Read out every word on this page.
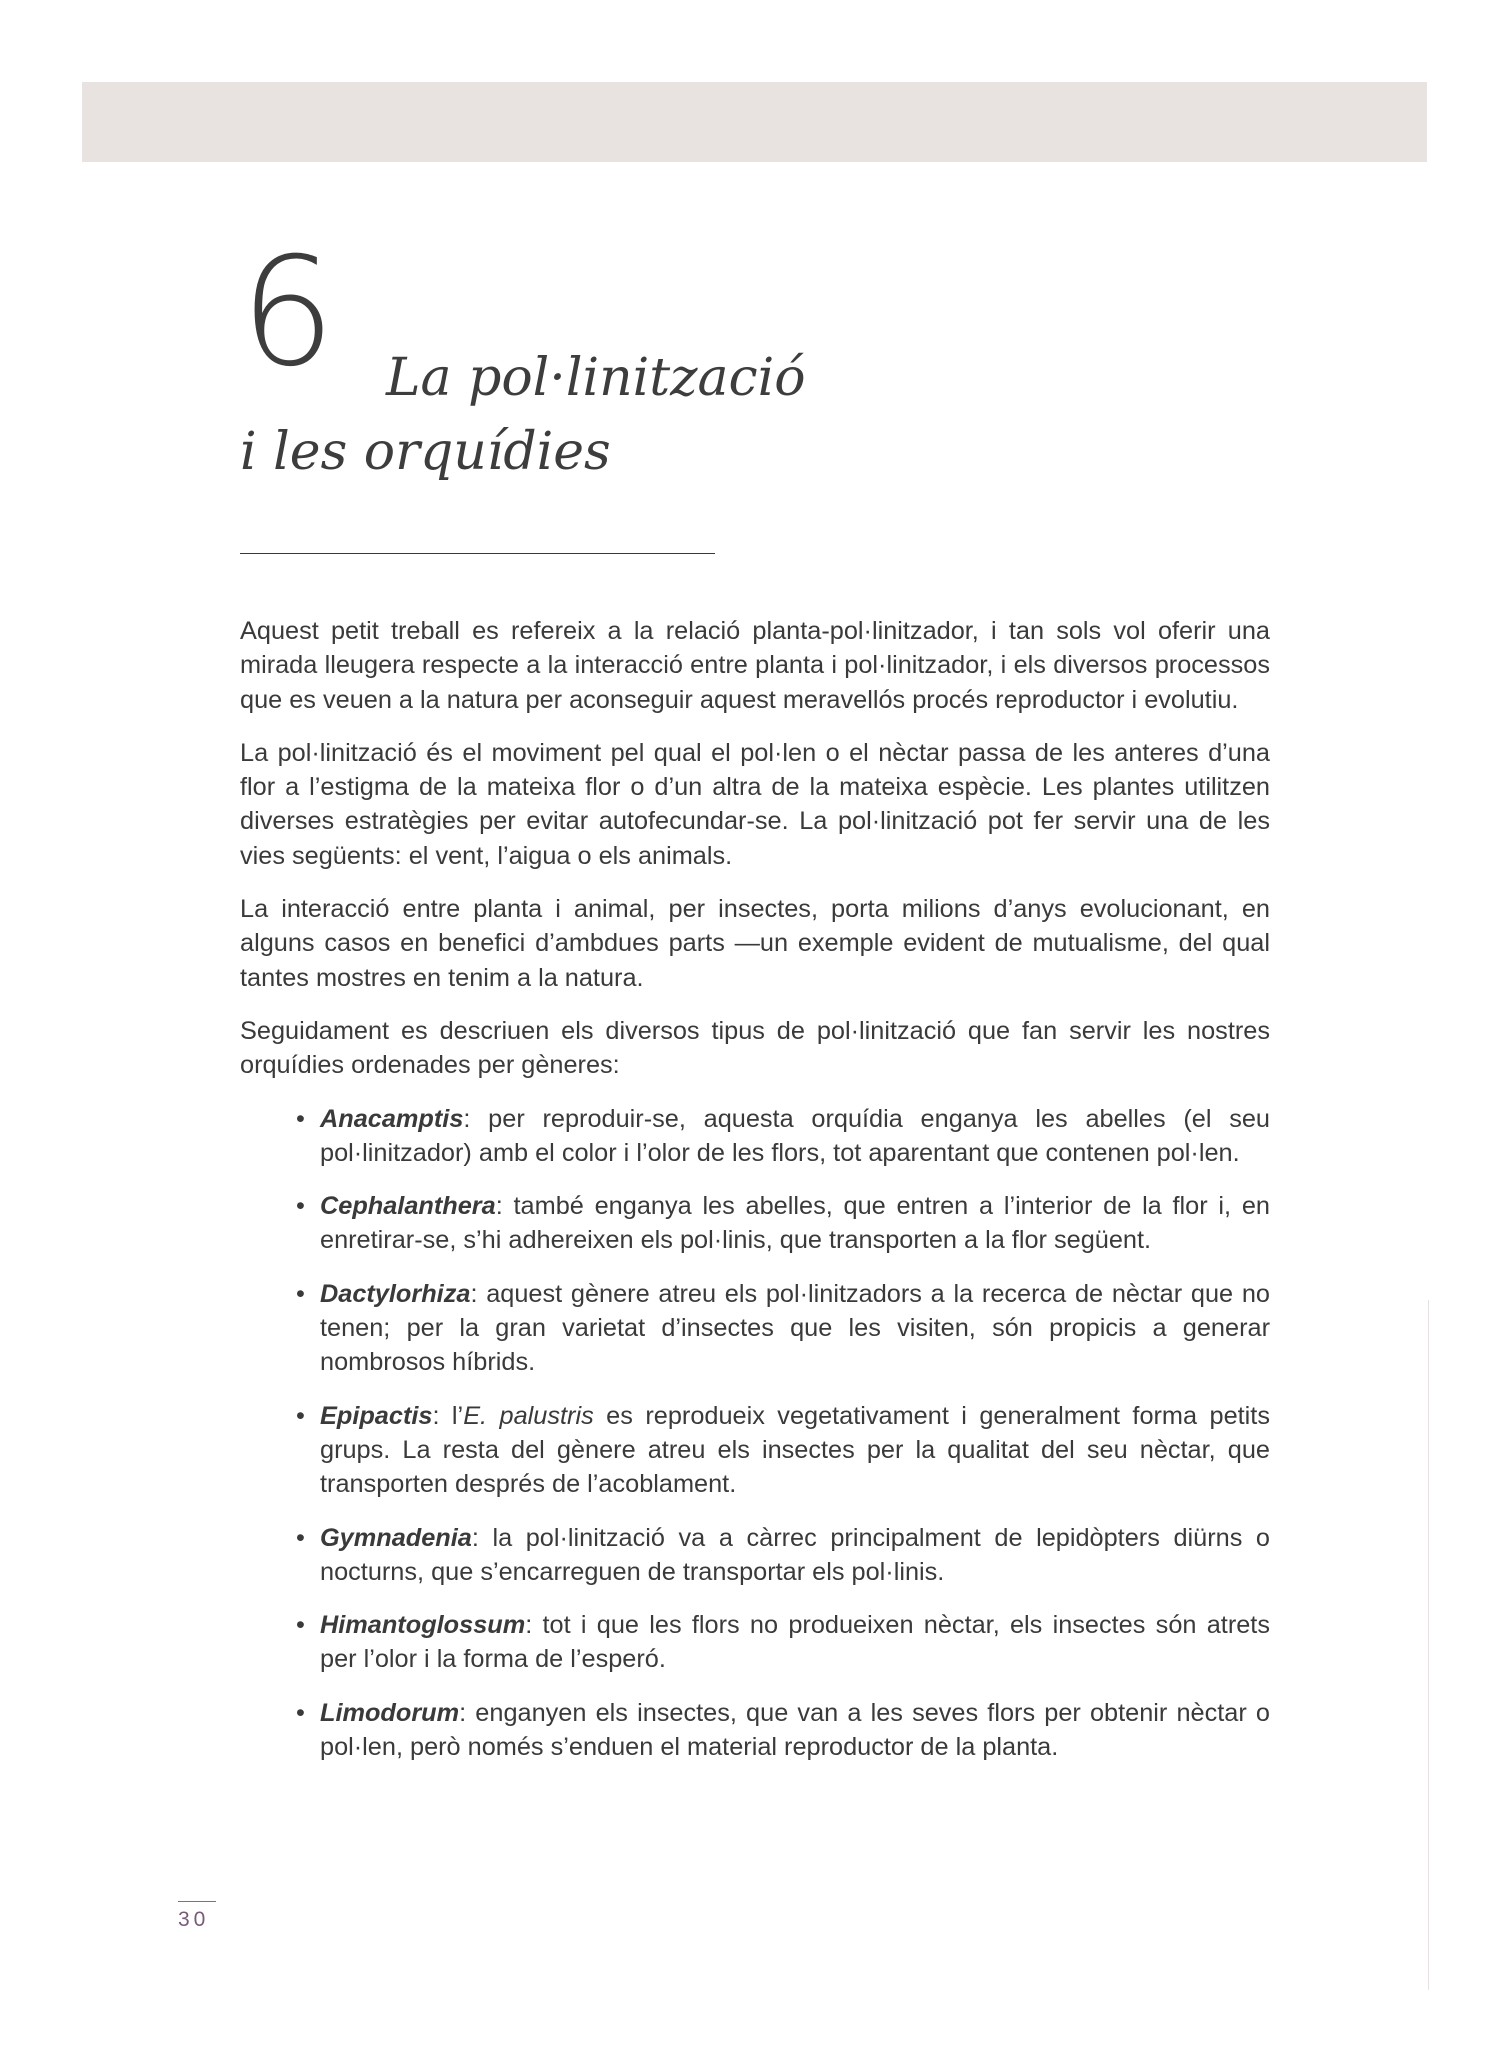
6 La pol·linització
i les orquídies

Aquest petit treball es refereix a la relació planta-pol·linitzador, i tan sols vol oferir una mirada lleugera respecte a la interacció entre planta i pol·linitzador, i els diversos processos que es veuen a la natura per aconseguir aquest meravellós procés reproductor i evolutiu.

La pol·linització és el moviment pel qual el pol·len o el nèctar passa de les anteres d’una flor a l’estigma de la mateixa flor o d’un altra de la mateixa espècie. Les plantes utilitzen diverses estratègies per evitar autofecundar-se. La pol·linització pot fer servir una de les vies següents: el vent, l’aigua o els animals.

La interacció entre planta i animal, per insectes, porta milions d’anys evolucionant, en alguns casos en benefici d’ambdues parts —un exemple evident de mutualisme, del qual tantes mostres en tenim a la natura.

Seguidament es descriuen els diversos tipus de pol·linització que fan servir les nostres orquídies ordenades per gèneres:

• Anacamptis: per reproduir-se, aquesta orquídia enganya les abelles (el seu pol·linitzador) amb el color i l’olor de les flors, tot aparentant que contenen pol·len.
• Cephalanthera: també enganya les abelles, que entren a l’interior de la flor i, en enretirar-se, s’hi adhereixen els pol·linis, que transporten a la flor següent.
• Dactylorhiza: aquest gènere atreu els pol·linitzadors a la recerca de nèctar que no tenen; per la gran varietat d’insectes que les visiten, són propicis a generar nombrosos híbrids.
• Epipactis: l’E. palustris es reprodueix vegetativament i generalment forma petits grups. La resta del gènere atreu els insectes per la qualitat del seu nèctar, que transporten després de l’acoblament.
• Gymnadenia: la pol·linització va a càrrec principalment de lepidòpters diürns o nocturns, que s’encarreguen de transportar els pol·linis.
• Himantoglossum: tot i que les flors no produeixen nèctar, els insectes són atrets per l’olor i la forma de l’esperó.
• Limodorum: enganyen els insectes, que van a les seves flors per obtenir nèctar o pol·len, però només s’enduen el material reproductor de la planta.
30
